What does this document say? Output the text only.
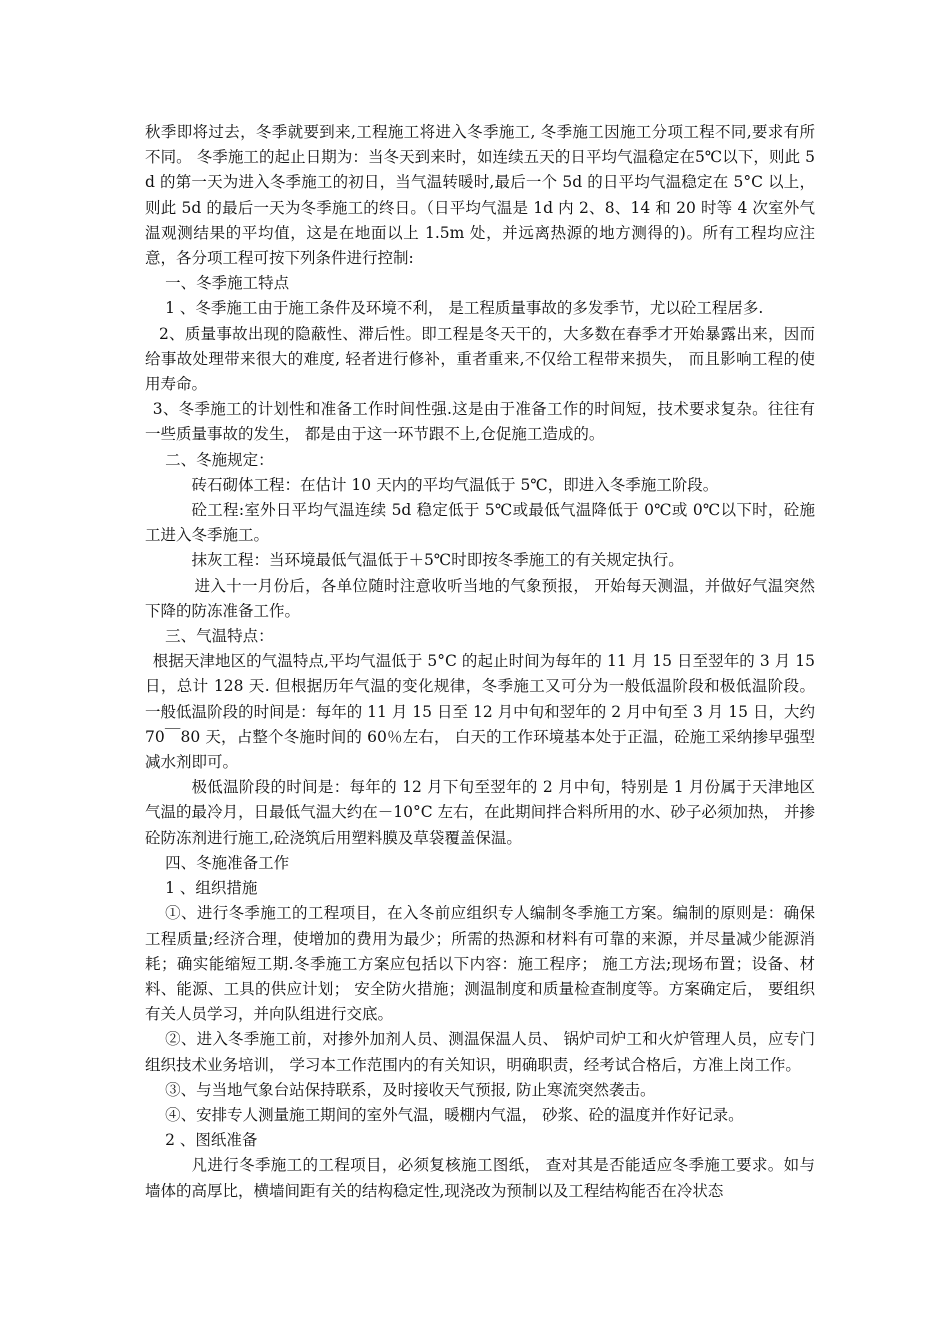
秋季即将过去，冬季就要到来,工程施工将进入冬季施工, 冬季施工因施工分项工程不同,要求有所不同。 冬季施工的起止日期为：当冬天到来时，如连续五天的日平均气温稳定在5℃以下，则此 5d 的第一天为进入冬季施工的初日，当气温转暖时,最后一个 5d 的日平均气温稳定在 5°C 以上，则此 5d 的最后一天为冬季施工的终日。（日平均气温是 1d 内 2、8、14 和 20 时等 4 次室外气温观测结果的平均值，这是在地面以上 1.5m 处，并远离热源的地方测得的)。所有工程均应注意，各分项工程可按下列条件进行控制:

一、冬季施工特点

1 、冬季施工由于施工条件及环境不利， 是工程质量事故的多发季节，尤以砼工程居多.

2、质量事故出现的隐蔽性、滞后性。即工程是冬天干的，大多数在春季才开始暴露出来，因而给事故处理带来很大的难度, 轻者进行修补，重者重来,不仅给工程带来损失， 而且影响工程的使用寿命。

3、冬季施工的计划性和准备工作时间性强.这是由于准备工作的时间短，技术要求复杂。往往有一些质量事故的发生， 都是由于这一环节跟不上,仓促施工造成的。

二、冬施规定：

砖石砌体工程：在估计 10 天内的平均气温低于 5℃，即进入冬季施工阶段。

砼工程:室外日平均气温连续 5d 稳定低于 5℃或最低气温降低于 0℃或 0℃以下时，砼施工进入冬季施工。

抹灰工程：当环境最低气温低于＋5℃时即按冬季施工的有关规定执行。

进入十一月份后，各单位随时注意收听当地的气象预报， 开始每天测温，并做好气温突然下降的防冻准备工作。

三、气温特点：

根据天津地区的气温特点,平均气温低于 5°C 的起止时间为每年的 11 月 15 日至翌年的 3 月 15 日，总计 128 天. 但根据历年气温的变化规律，冬季施工又可分为一般低温阶段和极低温阶段。 一般低温阶段的时间是：每年的 11 月 15 日至 12 月中旬和翌年的 2 月中旬至 3 月 15 日，大约 70￣80 天，占整个冬施时间的 60％左右， 白天的工作环境基本处于正温，砼施工采纳掺早强型减水剂即可。

极低温阶段的时间是：每年的 12 月下旬至翌年的 2 月中旬，特别是 1 月份属于天津地区气温的最冷月，日最低气温大约在－10°C 左右，在此期间拌合料所用的水、砂子必须加热， 并掺砼防冻剂进行施工,砼浇筑后用塑料膜及草袋覆盖保温。

四、冬施准备工作

1 、组织措施

①、进行冬季施工的工程项目，在入冬前应组织专人编制冬季施工方案。编制的原则是：确保工程质量;经济合理，使增加的费用为最少；所需的热源和材料有可靠的来源，并尽量减少能源消耗；确实能缩短工期.冬季施工方案应包括以下内容：施工程序； 施工方法;现场布置；设备、材料、能源、工具的供应计划； 安全防火措施；测温制度和质量检查制度等。方案确定后， 要组织有关人员学习，并向队组进行交底。

②、进入冬季施工前，对掺外加剂人员、测温保温人员、 锅炉司炉工和火炉管理人员，应专门组织技术业务培训， 学习本工作范围内的有关知识，明确职责，经考试合格后，方准上岗工作。

③、与当地气象台站保持联系，及时接收天气预报, 防止寒流突然袭击。

④、安排专人测量施工期间的室外气温，暖棚内气温， 砂浆、砼的温度并作好记录。

2 、图纸准备

凡进行冬季施工的工程项目，必须复核施工图纸， 查对其是否能适应冬季施工要求。如与墙体的高厚比，横墙间距有关的结构稳定性,现浇改为预制以及工程结构能否在冷状态
